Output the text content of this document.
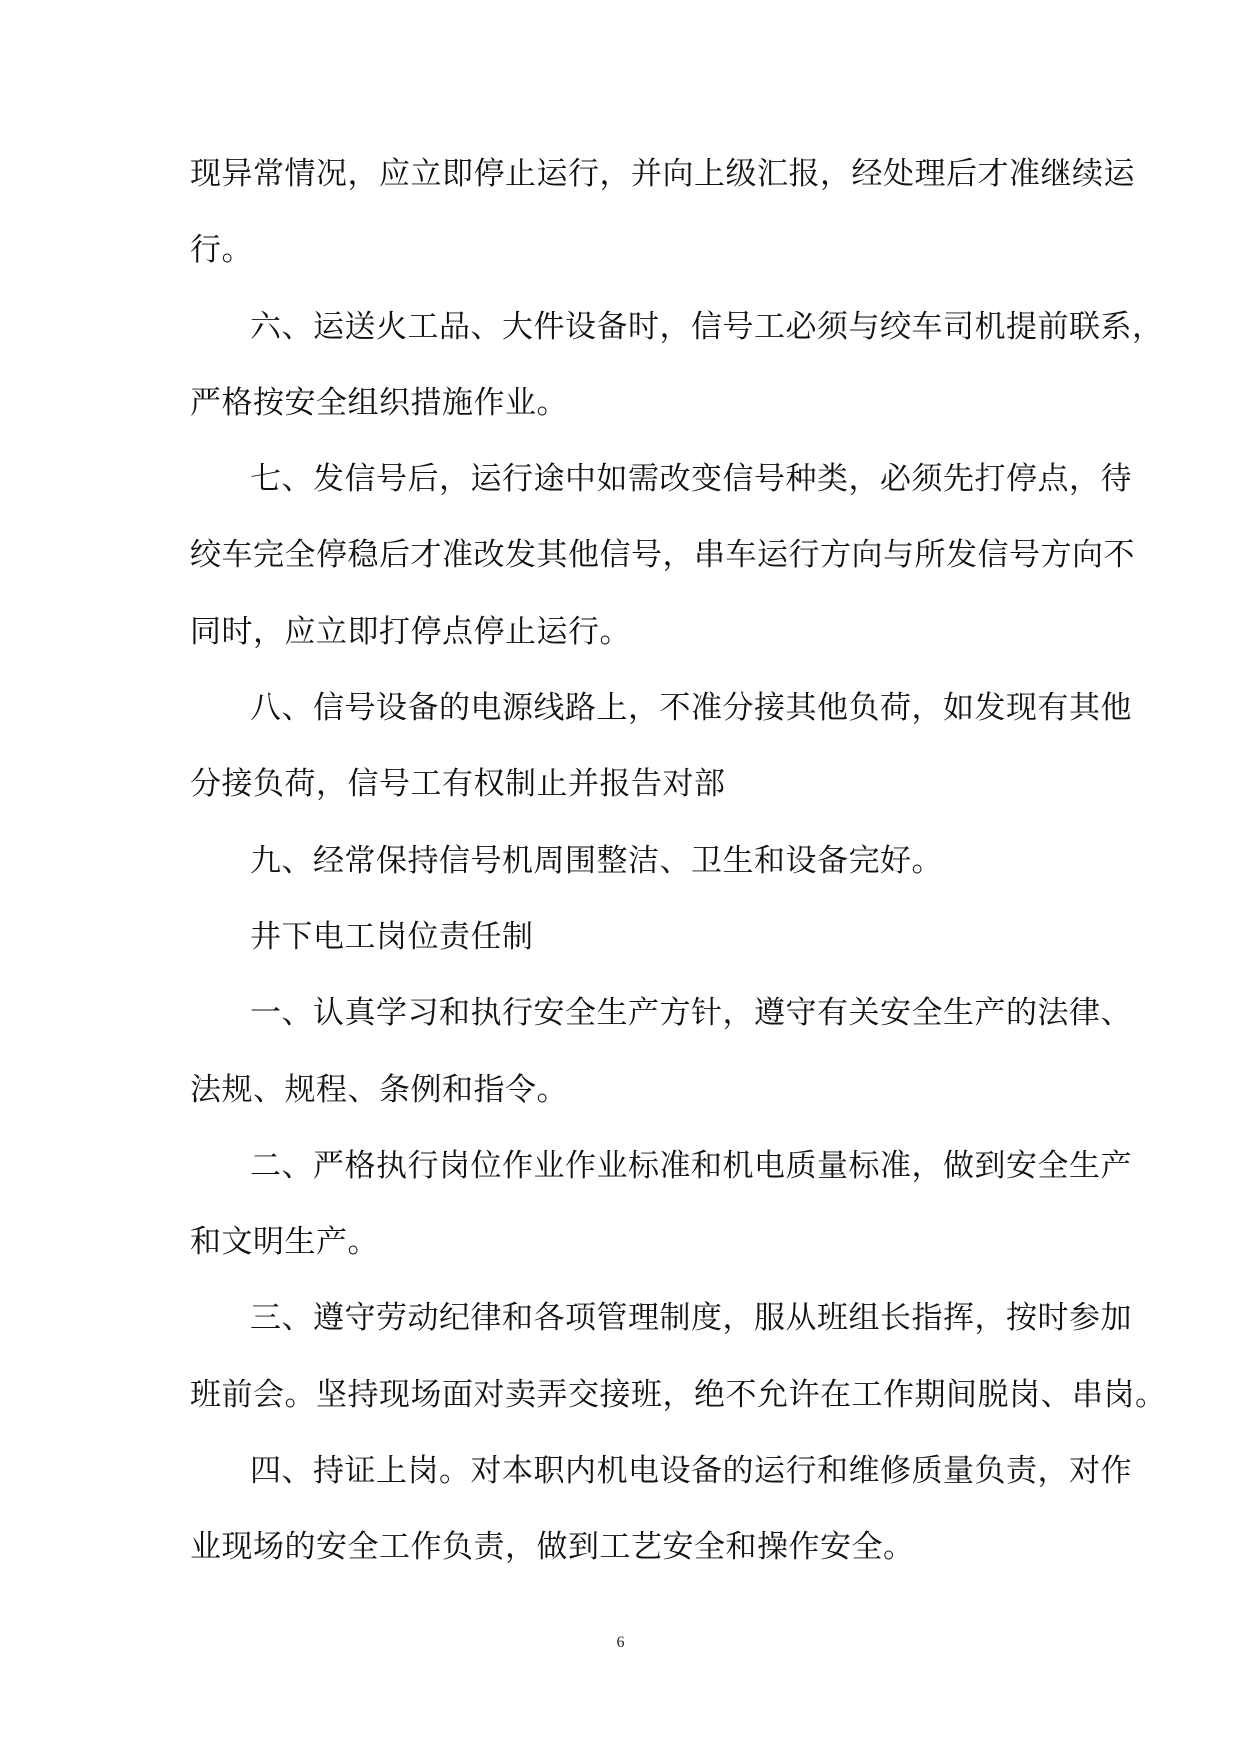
现异常情况，应立即停止运行，并向上级汇报，经处理后才准继续运
行。
六、运送火工品、大件设备时，信号工必须与绞车司机提前联系，
严格按安全组织措施作业。
七、发信号后，运行途中如需改变信号种类，必须先打停点，待
绞车完全停稳后才准改发其他信号，串车运行方向与所发信号方向不
同时，应立即打停点停止运行。
八、信号设备的电源线路上，不准分接其他负荷，如发现有其他
分接负荷，信号工有权制止并报告对部
九、经常保持信号机周围整洁、卫生和设备完好。
井下电工岗位责任制
一、认真学习和执行安全生产方针，遵守有关安全生产的法律、
法规、规程、条例和指令。
二、严格执行岗位作业作业标准和机电质量标准，做到安全生产
和文明生产。
三、遵守劳动纪律和各项管理制度，服从班组长指挥，按时参加
班前会。坚持现场面对卖弄交接班，绝不允许在工作期间脱岗、串岗。
四、持证上岗。对本职内机电设备的运行和维修质量负责，对作
业现场的安全工作负责，做到工艺安全和操作安全。
6
